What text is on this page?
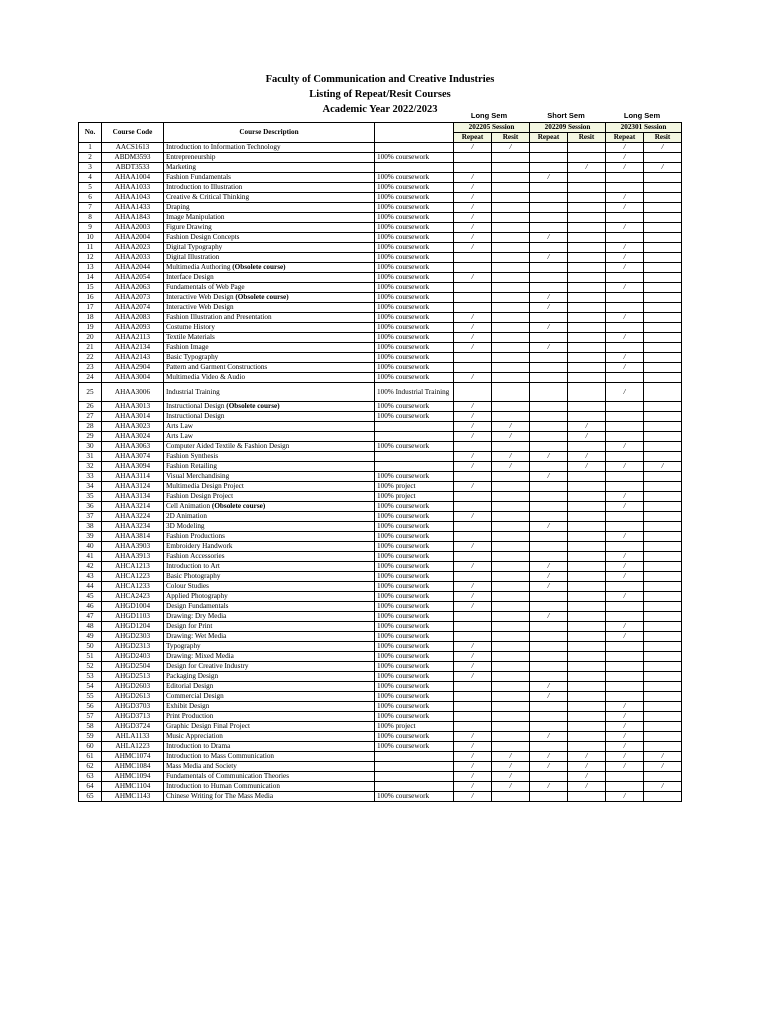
Faculty of Communication and Creative Industries
Listing of Repeat/Resit Courses
Academic Year 2022/2023
Long Sem	Short Sem	Long Sem
No.	Course Code	Course Description		202205 Session		202209 Session		202301 Session	
				Repeat	Resit	Repeat	Resit	Repeat	Resit
1	AACS1613	Introduction to Information Technology		/	/			/	/
2	ABDM3593	Entrepreneurship	100% coursework					/	
3	ABDT3533	Marketing					/	/	/
4	AHAA1004	Fashion Fundamentals	100% coursework	/		/			
5	AHAA1033	Introduction to Illustration	100% coursework	/					
6	AHAA1043	Creative & Critical Thinking	100% coursework	/				/	
7	AHAA1433	Draping	100% coursework	/				/	
8	AHAA1843	Image Manipulation	100% coursework	/					
9	AHAA2003	Figure Drawing	100% coursework	/				/	
10	AHAA2004	Fashion Design Concepts	100% coursework	/		/			
11	AHAA2023	Digital Typography	100% coursework	/				/	
12	AHAA2033	Digital Illustration	100% coursework			/		/	
13	AHAA2044	Multimedia Authoring (Obsolete course)	100% coursework					/	
14	AHAA2054	Interface Design	100% coursework	/					
15	AHAA2063	Fundamentals of Web Page	100% coursework					/	
16	AHAA2073	Interactive Web Design (Obsolete course)	100% coursework			/			
17	AHAA2074	Interactive Web Design	100% coursework			/			
18	AHAA2083	Fashion Illustration and Presentation	100% coursework	/				/	
19	AHAA2093	Costume History	100% coursework	/		/			
20	AHAA2113	Textile Materials	100% coursework	/				/	
21	AHAA2134	Fashion Image	100% coursework	/		/			
22	AHAA2143	Basic Typography	100% coursework					/	
23	AHAA2904	Pattern and Garment Constructions	100% coursework					/	
24	AHAA3004	Multimedia Video & Audio	100% coursework	/					
25	AHAA3006	Industrial Training	100% Industrial Training					/	
26	AHAA3013	Instructional Design (Obsolete course)	100% coursework	/					
27	AHAA3014	Instructional Design	100% coursework	/					
28	AHAA3023	Arts Law		/	/		/		
29	AHAA3024	Arts Law		/	/		/		
30	AHAA3063	Computer Aided Textile & Fashion Design	100% coursework					/	
31	AHAA3074	Fashion Synthesis		/	/	/	/		
32	AHAA3094	Fashion Retailing		/	/		/	/	/
33	AHAA3114	Visual Merchandising	100% coursework			/			
34	AHAA3124	Multimedia Design Project	100% project	/					
35	AHAA3134	Fashion Design Project	100% project					/	
36	AHAA3214	Cell Animation (Obsolete course)	100% coursework					/	
37	AHAA3224	2D Animation	100% coursework	/					
38	AHAA3234	3D Modeling	100% coursework			/			
39	AHAA3814	Fashion Productions	100% coursework					/	
40	AHAA3903	Embroidery Handwork	100% coursework	/					
41	AHAA3913	Fashion Accessories	100% coursework					/	
42	AHCA1213	Introduction to Art	100% coursework	/		/		/	
43	AHCA1223	Basic Photography	100% coursework			/		/	
44	AHCA1233	Colour Studies	100% coursework	/		/			
45	AHCA2423	Applied Photography	100% coursework	/				/	
46	AHGD1004	Design Fundamentals	100% coursework	/					
47	AHGD1103	Drawing: Dry Media	100% coursework			/			
48	AHGD1204	Design for Print	100% coursework					/	
49	AHGD2303	Drawing: Wet Media	100% coursework					/	
50	AHGD2313	Typography	100% coursework	/					
51	AHGD2403	Drawing: Mixed Media	100% coursework	/					
52	AHGD2504	Design for Creative Industry	100% coursework	/					
53	AHGD2513	Packaging Design	100% coursework	/					
54	AHGD2603	Editorial Design	100% coursework			/			
55	AHGD2613	Commercial Design	100% coursework			/			
56	AHGD3703	Exhibit Design	100% coursework					/	
57	AHGD3713	Print Production	100% coursework					/	
58	AHGD3724	Graphic Design Final Project	100% project					/	
59	AHLA1133	Music Appreciation	100% coursework	/		/		/	
60	AHLA1223	Introduction to Drama	100% coursework	/				/	
61	AHMC1074	Introduction to Mass Communication		/	/	/	/	/	/
62	AHMC1084	Mass Media and Society		/	/	/	/	/	/
63	AHMC1094	Fundamentals of Communication Theories		/	/		/		
64	AHMC1104	Introduction to Human Communication		/	/	/	/		/
65	AHMC1143	Chinese Writing for The Mass Media	100% coursework	/				/	
